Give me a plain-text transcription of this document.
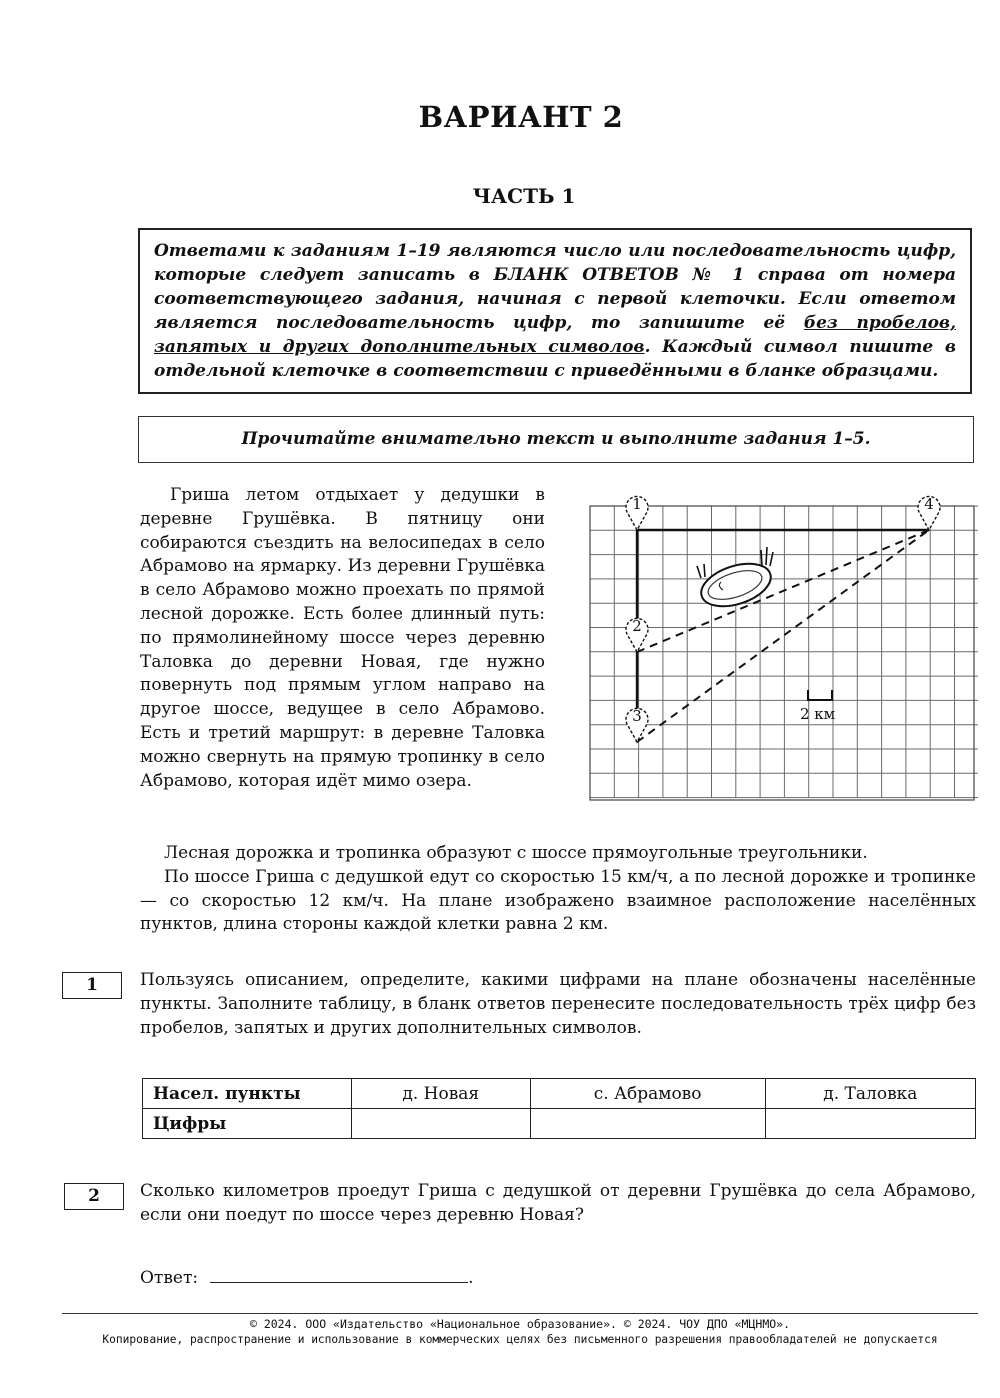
ВАРИАНТ 2
ЧАСТЬ 1
Ответами к заданиям 1–19 являются число или последовательность цифр, которые следует записать в БЛАНК ОТВЕТОВ № 1 справа от номера соответствующего задания, начиная с первой клеточки. Если ответом является последовательность цифр, то запишите её без пробелов, запятых и других дополнительных символов. Каждый символ пишите в отдельной клеточке в соответствии с приведёнными в бланке образцами.
Прочитайте внимательно текст и выполните задания 1–5.
Гриша летом отдыхает у дедушки в деревне Грушёвка. В пятницу они собираются съездить на велосипедах в село Абрамово на ярмарку. Из деревни Грушёвка в село Абрамово можно проехать по прямой лесной дорожке. Есть более длинный путь: по прямолинейному шоссе через деревню Таловка до деревни Новая, где нужно повернуть под прямым углом направо на другое шоссе, ведущее в село Абрамово. Есть и третий маршрут: в деревне Таловка можно свернуть на прямую тропинку в село Абрамово, которая идёт мимо озера.
2 км
1
2
3
4

Лесная дорожка и тропинка образуют с шоссе прямоугольные треугольники.

По шоссе Гриша с дедушкой едут со скоростью 15 км/ч, а по лесной дорожке и тропинке — со скоростью 12 км/ч. На плане изображено взаимное расположение населённых пунктов, длина стороны каждой клетки равна 2 км.

1	Пользуясь описанием, определите, какими цифрами на плане обозначены населённые пункты. Заполните таблицу, в бланк ответов перенесите последовательность трёх цифр без пробелов, запятых и других дополнительных символов.
Насел. пункты	д. Новая	с. Абрамово	д. Таловка
Цифры			
2	Сколько километров проедут Гриша с дедушкой от деревни Грушёвка до села Абрамово, если они поедут по шоссе через деревню Новая?
Ответ:	.
© 2024. ООО «Издательство «Национальное образование». © 2024. ЧОУ ДПО «МЦНМО».
Копирование, распространение и использование в коммерческих целях без письменного разрешения правообладателей не допускается
